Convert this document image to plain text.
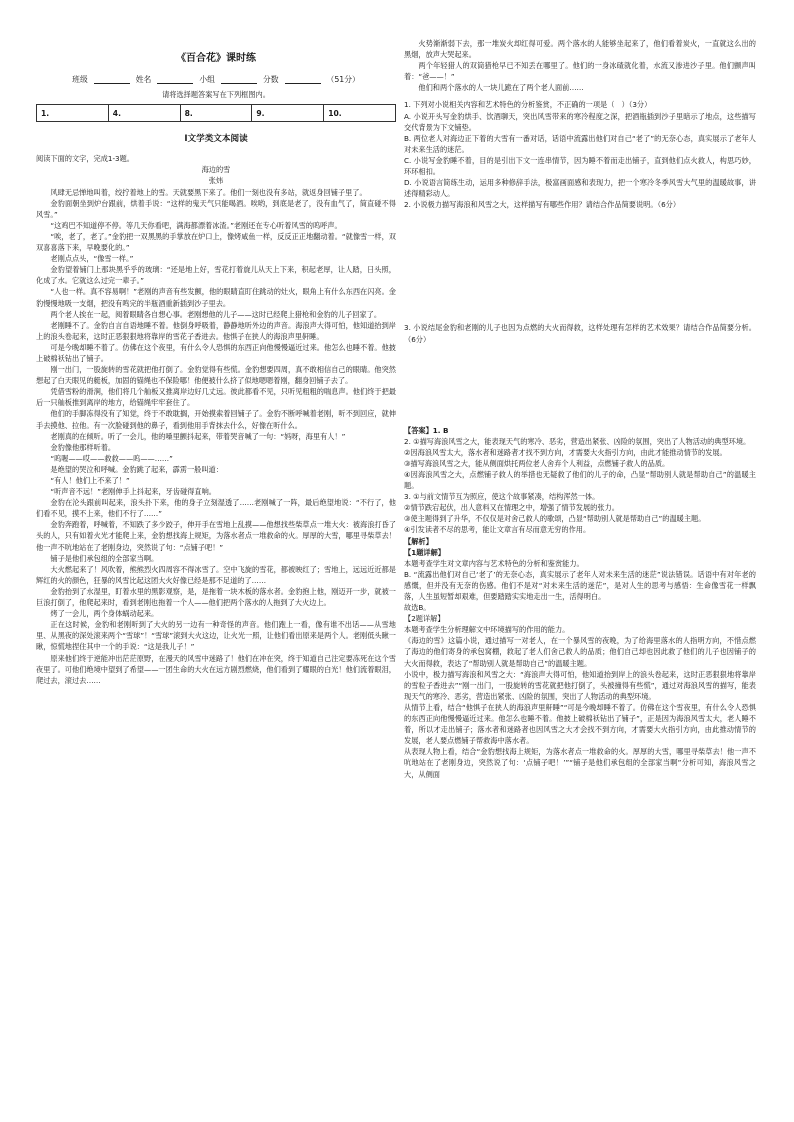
《百合花》课时练
班级	姓名	小组	分数	（51分）
请将选择题答案写在下列框图内。
1.	4.	8.	9.	10.
Ⅰ文学类文本阅读

阅读下面的文字，完成1-3题。

海边的雪
张炜

风肆无忌惮地叫着，绞拧着地上的雪。天就要黑下来了。他们一刻也没有多站，就返身回铺子里了。

金豹面朝坐到炉台跟前，烘着手说：“这样的鬼天气只能喝酒。唉哟，到底是老了，没有血气了，简直碰不得风雪。”

“这鸡巴不知道停不停。等几天你看吧，满海都漂着冰渣。”老刚还在专心听着风雪的呜呼声。

“唉，老了，老了。”金豹把一双黑黑的手掌放在炉口上，像烤咸鱼一样，反反正正地翻动着。“就像雪一样，双双喜喜落下来，早晚要化的。”

老刚点点头，“像雪一样。”

金豹望着铺门上那块黑乎乎的玻璃：“还是地上好，雪花打着旋儿从天上下来，积起老厚，让人踏，日头照，化成了水。它就这么过完一辈子。”

“人也一样。真不容易啊！”老刚的声音有些发颤，他的眼睛直盯住跳动的灶火，眼角上有什么东西在闪亮。金豹慢慢地吸一支烟，把没有鸣完的半瓶酒重新插到沙子里去。

两个老人挨在一起，阅着眼睛各自想心事。老刚想他的儿子——这时已经爬上猎枪和金豹的儿子回家了。

老刚睡不了。金豹自言自语地睡不着。他倒身呼吸着，静静地听外边的声音。海浪声大得可怕，他知道抬到岸上的浪头卷起来，这时正恶狠狠地将靠岸的雪花子香进去。他惧子在狭人的海浪声里鼾睡。

可是今晚却睡不着了。仿佛在这个夜里，有什么令人恐惧的东西正向他慢慢逼近过来。他怎么也睡不着。他披上破棉袄钻出了铺子。

刚一出门，一股旋转的雪花就把他打倒了。金豹觉得有些慌。金豹想要四周，真不敢相信自己的眼睛。他突然想起了白天眼见的艇板，加固的锚绳也不保险哪！他便被什么挤了似地嗯嗯着刚，翻身回铺子去了。

凭借雪粉的滑涧，他们将几个舢板又推离岸边好几丈远。彼此都看不见，只听见粗粗的喘息声。他们终于把最后一只舢板推到离岸的地方，给锚绳牢牢套住了。

他们的手脚冻得没有了知觉，终于不敢耽搁，开始摸索着回铺子了。金豹不断呼喊着老刚，听不到回应，就伸手去摸他、拉他。有一次脸碰到他的鼻子，看到他用手背抹去什么，好像在听什么。

老刚真的在倾听。听了一会儿，他的嗓里颤抖起来，带着哭音喊了一句：“妈呀，海里有人！”

金豹像他那样听着。

“呜喔——哎——救救——呜——……”

是绝望的哭泣和呼喊。金豹跳了起来，霹雳一般叫道：

“有人！他们上不来了！”

“听声音不远！”老刚伸手上抖起来，牙齿碰得直响。

金豹在沦头跟前叫起来，浪头扑下来，他的身子立刻湿透了……老刚喊了一阵，最后绝望地说：“不行了，他们看不见，摸不上来，他们不行了……”

金豹奔跑着，呼喊着，不知跌了多少跤子，伸开手在雪地上乱摸——他想找些柴草点一堆大火：被海浪打昏了头的人，只有如着火光才能爬上来，金豹想找海上规矩，为落水者点一堆救命的火。厚厚的大雪，哪里寻柴草去！他一声不吭地站在了老刚身边，突然说了句：“点铺子吧！”

铺子是他们承包组的全部家当啊。

大火燃起来了！风吹着，熊熊烈火四周容不得冰雪了。空中飞旋的雪花，都被映红了；雪地上，远远近近都是辉红的火的颜色，狂暴的风雪比起这团大火好像已经是那不足道的了……

金豹抬到了水湿里，盯着水里的黑影观察，是，是拖着一块木板的落水者。金豹抱上他，刚迈开一步，就被一巨浪打倒了，他爬起来时，看到老刚也拖着一个人——他们把两个落水的人拖到了大火边上。

烤了一会儿，两个身体蜗动起来。

正在这时候，金豹和老刚听到了大火的另一边有一种奇怪的声音。他们跑上一看，像有谁不出话——从雪地里、从黑夜的深处滚来两个“雪球”！“雪球”滚到大火这边，让火光一照，让他们看出原来是两个人。老刚低头瞅一瞅，惊慌地捏住其中一个的手说：“这是我儿子！”

原来他们终于逆能冲出茫茫原野，在漫天的风雪中迷路了！他们在冲在突，终于知道自己注定要冻死在这个雪夜里了。可他们绝境中望到了希望——一团生命的大火在远方剧烈燃烧，他们看到了耀眼的白光！他们流着眼泪，爬过去，滚过去……

火势渐渐弱下去，那一堆炭火却红得可爱。两个落水的人能够坐起来了，他们看着炭火，一直就这么出的黑烟，放声大哭起来。

两个年轻猎人的双筒猎枪早已不知丢在哪里了。他们的一身冰碴就化着，水流又渗进沙子里。他们颤声叫着：“爸——！”

他们和两个落水的人一块儿跪在了两个老人面前……

1. 下列对小说相关内容和艺术特色的分析鉴赏，不正确的一项是（　）（3分）

A. 小说开头写金豹烘手、饮酒聊天，突出风雪带来的寒冷程度之深，把酒瓶插到沙子里暗示了地点，这些描写交代背景为下文铺垫。

B. 两位老人对海边正下着的大雪有一番对话，话语中流露出他们对自己“老了”的无奈心态，真实展示了老年人对未来生活的迷茫。

C. 小说写金豹睡不着，目的是引出下文一连串情节，因为睡不着而走出铺子，直到他们点火救人，构思巧妙，环环相扣。

D. 小说语言简练生动，运用多种修辞手法，极富画面感和表现力，把一个寒冷冬季风雪大气里的温暖故事，讲述得精彩动人。

2. 小说极力描写海浪和风雪之大，这样描写有哪些作用？请结合作品简要说明。（6分）

3. 小说结尾金豹和老刚的儿子也因为点燃的大火而得救，这样处理有怎样的艺术效果？请结合作品简要分析。（6分）

【答案】1. B

2. ①描写海浪风雪之大，能表现天气的寒冷、恶劣，营造出紧张、凶险的氛围，突出了人物活动的典型环境。

②因海浪风雪太大，落水者和迷路者才找不到方向，才需要大火指引方向，由此才能推动情节的发展。

③描写海浪风雪之大，能从侧面烘托两位老人舍弃个人利益，点燃铺子救人的品质。

④因海浪风雪之大，点燃铺子救人的举措也无疑救了他们的儿子的命，凸显“帮助别人就是帮助自己”的温暖主题。

3. ①与前文情节互为照应，使这个故事紧凑，结构浑然一体。

②情节跌宕起伏，出人意料又在情理之中，增强了情节发展的张力。

③使主题得到了升华，不仅仅是对舍己救人的歌颂，凸显“帮助别人就是帮助自己”的温暖主题。

④引发读者不尽的思考，能让文章言有尽而意无穷的作用。

【解析】

【1题详解】

本题考查学生对文章内容与艺术特色的分析和鉴赏能力。

B. “流露出他们对自己‘老了’的无奈心态，真实展示了老年人对未来生活的迷茫”说法错误。话语中有对年老的感慨，但并没有无奈的伤感。他们不是对“对未来生活的迷茫”，是对人生的思考与感悟：生命像雪花一样飘落，人生虽短暂却艰难，但要踏踏实实地走出一生，活得明白。

故选B。

【2题详解】

本题考查学生分析理解文中环境描写的作用的能力。

《海边的雪》这篇小说，通过描写一对老人，在一个暴风雪的夜晚，为了给海里落水的人指明方向，不惜点燃了海边的他们寄身的承包窝棚，救起了老人们舍己救人的品质；他们自己却也因此救了他们的儿子也因铺子的大火而得救，表达了“帮助别人就是帮助自己”的温暖主题。

小说中，极力描写海浪和风雪之大：“海浪声大得可怕，他知道抬到岸上的浪头卷起来，这时正恶狠狠地将靠岸的雪粒子香进去”“刚一出门，一股旋转的雪花就把他打倒了，头被撞得有些慌”，通过对海浪风雪的描写，能表现天气的寒冷、恶劣，营造出紧张、凶险的氛围，突出了人物活动的典型环境。

从情节上看，结合“他惧子在狭人的海浪声里鼾睡”“可是今晚却睡不着了。仿佛在这个雪夜里，有什么令人恐惧的东西正向他慢慢逼近过来。他怎么也睡不着。他披上破棉袄钻出了铺子”，正是因为海浪风雪太大，老人睡不着，所以才走出铺子；落水者和迷路者也因风雪之大才会找不到方向，才需要大火指引方向，由此推动情节的发展，老人要点燃铺子帮救海中落水者。

从表现人物上看，结合“金豹想找海上规矩，为落水者点一堆救命的火。厚厚的大雪，哪里寻柴草去！他一声不吭地站在了老刚身边，突然说了句：‘点铺子吧！’”“铺子是他们承包组的全部家当啊”分析可知，海浪风雪之大，从侧面
